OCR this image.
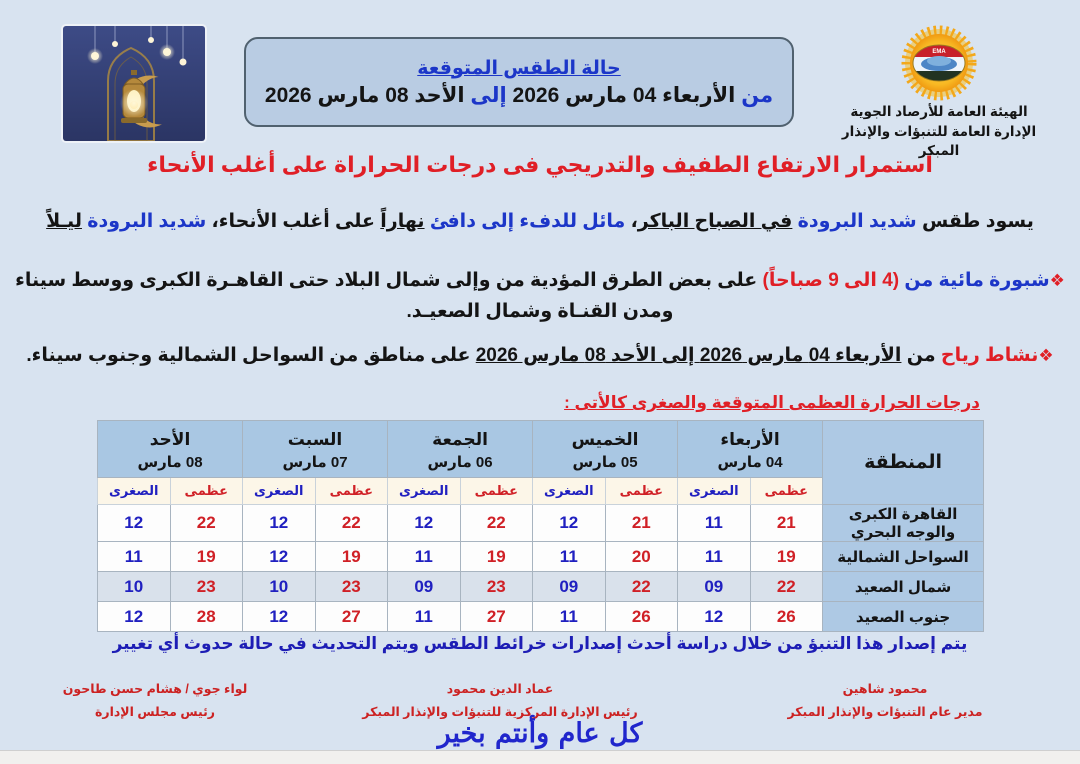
حالة الطقس المتوقعة
من الأربعاء 04 مارس 2026 إلى الأحد 08 مارس 2026
EMA
الهيئة العامة للأرصاد الجوية
الإدارة العامة للتنبؤات والإنذار المبكر
استمرار الارتفاع الطفيف والتدريجي فى درجات الحراراة على أغلب الأنحاء
يسود طقس شديد البرودة في الصباح الباكر، مائل للدفء إلى دافئ نهاراً على أغلب الأنحاء، شديد البرودة ليـلاً
❖شبورة مائية من (4 الى 9 صباحاً) على بعض الطرق المؤدية من وإلى شمال البلاد حتى القاهـرة الكبرى ووسط سيناء
ومدن القنـاة وشمال الصعيـد.
❖نشاط رياح من الأربعاء 04 مارس 2026 إلى الأحد 08 مارس 2026 على مناطق من السواحل الشمالية وجنوب سيناء.
درجات الحرارة العظمى المتوقعة والصغرى كالأتى :
المنطقة	
الأربعاء
04 مارس

الخميس
05 مارس

الجمعة
06 مارس

السبت
07 مارس

الأحد
08 مارس

	عظمى	الصغرى	عظمى	الصغرى	عظمى	الصغرى	عظمى	الصغرى	عظمى	الصغرى
القاهرة الكبرى والوجه البحري	21	11	21	12	22	12	22	12	22	12
السواحل الشمالية	19	11	20	11	19	11	19	12	19	11
شمال الصعيد	22	09	22	09	23	09	23	10	23	10
جنوب الصعيد	26	12	26	11	27	11	27	12	28	12
يتم إصدار هذا التنبؤ من خلال دراسة أحدث إصدارات خرائط الطقس ويتم التحديث في حالة حدوث أي تغيير
محمود شاهين
مدير عام التنبؤات والإنذار المبكر
عماد الدين محمود
رئيس الإدارة المركزية للتنبؤات والإنذار المبكر
لواء جوي / هشام حسن طاحون
رئيس مجلس الإدارة
كل عام وأنتم بخير
